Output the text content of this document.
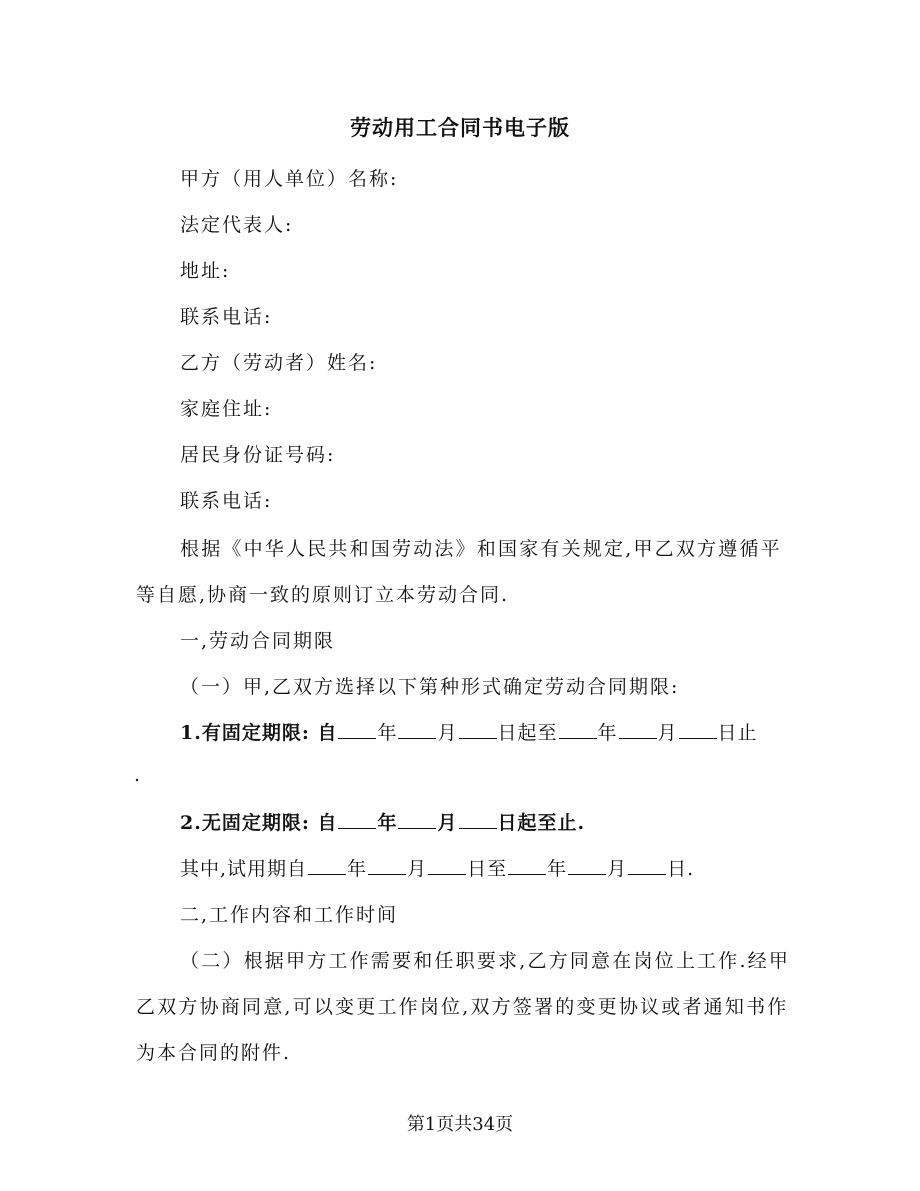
劳动用工合同书电子版
甲方（用人单位）名称:
法定代表人:
地址:
联系电话:
乙方（劳动者）姓名:
家庭住址:
居民身份证号码:
联系电话:
根据《中华人民共和国劳动法》和国家有关规定,甲乙双方遵循平
等自愿,协商一致的原则订立本劳动合同.
一,劳动合同期限
（一）甲,乙双方选择以下第种形式确定劳动合同期限:
1.有固定期限: 自 年 月 日起至 年 月 日止
.
2.无固定期限: 自 年 月 日起至止.
其中,试用期自 年 月 日至 年 月 日.
二,工作内容和工作时间
（二）根据甲方工作需要和任职要求,乙方同意在岗位上工作.经甲
乙双方协商同意,可以变更工作岗位,双方签署的变更协议或者通知书作
为本合同的附件.
第1页共34页
